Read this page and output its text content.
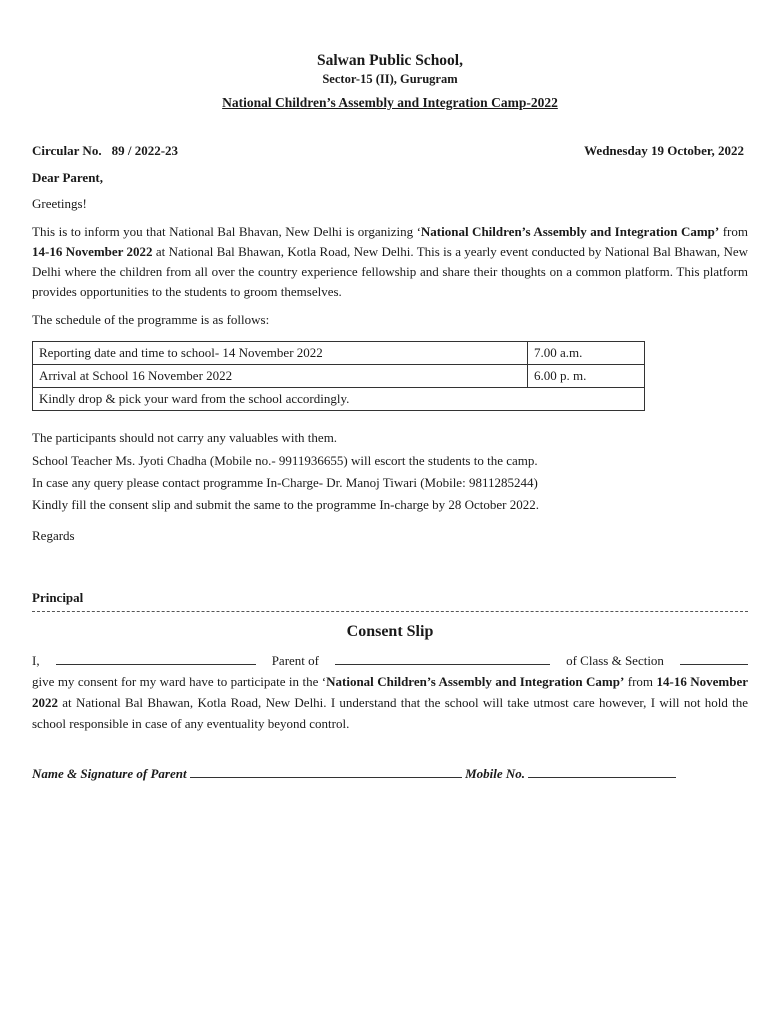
Salwan Public School,
Sector-15 (II), Gurugram
National Children’s Assembly and Integration Camp-2022
Circular No. 89 / 2022-23	Wednesday 19 October, 2022
Dear Parent,
Greetings!
This is to inform you that National Bal Bhavan, New Delhi is organizing ‘National Children’s Assembly and Integration Camp’ from 14-16 November 2022 at National Bal Bhawan, Kotla Road, New Delhi. This is a yearly event conducted by National Bal Bhawan, New Delhi where the children from all over the country experience fellowship and share their thoughts on a common platform. This platform provides opportunities to the students to groom themselves.
The schedule of the programme is as follows:
Reporting date and time to school- 14 November 2022	7.00 a.m.
Arrival at School 16 November 2022	6.00 p. m.
Kindly drop & pick your ward from the school accordingly.	
The participants should not carry any valuables with them.
School Teacher Ms. Jyoti Chadha (Mobile no.- 9911936655) will escort the students to the camp.
In case any query please contact programme In-Charge- Dr. Manoj Tiwari (Mobile: 9811285244)
Kindly fill the consent slip and submit the same to the programme In-charge by 28 October 2022.
Regards
Principal
Consent Slip
I,	Parent of	of Class & Section
give my consent for my ward have to participate in the ‘National Children’s Assembly and Integration Camp’ from 14-16 November 2022 at National Bal Bhawan, Kotla Road, New Delhi. I understand that the school will take utmost care however, I will not hold the school responsible in case of any eventuality beyond control.
Name & Signature of Parent	Mobile No.
